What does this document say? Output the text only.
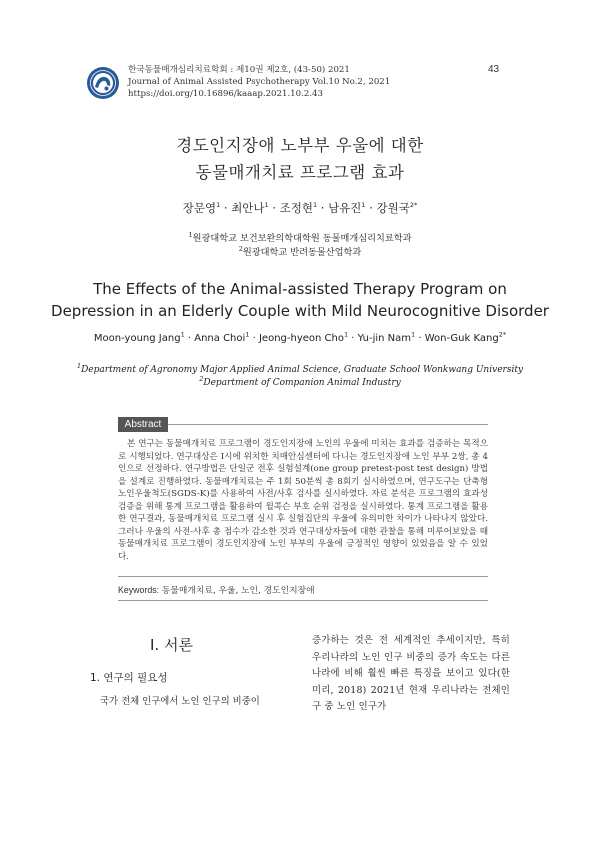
한국동물매개심리치료학회 : 제10권 제2호, (43-50) 2021
Journal of Animal Assisted Psychotherapy Vol.10 No.2, 2021
https://doi.org/10.16896/kaaap.2021.10.2.43
43
경도인지장애 노부부 우울에 대한
동물매개치료 프로그램 효과
장문영$^1$ · 최안나$^1$ · 조정현$^1$ · 남유진$^1$ · 강원국$^{2*}$
$^1$원광대학교 보건보완의학대학원 동물매개심리치료학과
$^2$원광대학교 반려동물산업학과
The Effects of the Animal-assisted Therapy Program on
Depression in an Elderly Couple with Mild Neurocognitive Disorder
Moon-young Jang$^1$ · Anna Choi$^1$ · Jeong-hyeon Cho$^1$ · Yu-jin Nam$^1$ · Won-Guk Kang$^{2*}$
$^1$Department of Agronomy Major Applied Animal Science, Graduate School Wonkwang University
$^2$Department of Companion Animal Industry
Abstract

본 연구는 동물매개치료 프로그램이 경도인지장애 노인의 우울에 미치는 효과를 검증하는 목적으로 시행되었다. 연구대상은 I시에 위치한 치매안심센터에 다니는 경도인지장애 노인 부부 2쌍, 총 4인으로 선정하다. 연구방법은 단일군 전후 실험설계(one group pretest-post test design) 방법을 설계로 진행하였다. 동물매개치료는 주 1회 50분씩 총 8회기 실시하였으며, 연구도구는 단축형 노인우울척도(SGDS-K)를 사용하여 사전/사후 검사를 실시하였다. 자료 분석은 프로그램의 효과성 검증을 위해 통계 프로그램을 활용하여 윌콕슨 부호 순위 검정을 실시하였다. 통계 프로그램을 활용한 연구결과, 동물매개치료 프로그램 실시 후 실험집단의 우울에 유의미한 차이가 나타나지 않았다. 그러나 우울의 사전-사후 총 점수가 감소한 것과 연구대상자들에 대한 관찰을 통해 미루어보았을 때 동물매개치료 프로그램이 경도인지장애 노인 부부의 우울에 긍정적인 영향이 있었음을 알 수 있었다.

Keywords: 동물매개치료, 우울, 노인, 경도인지장애
Ⅰ. 서론
1. 연구의 필요성
국가 전체 인구에서 노인 인구의 비중이
증가하는 것은 전 세계적인 추세이지만, 특히 우리나라의 노인 인구 비중의 증가 속도는 다른 나라에 비해 훨씬 빠른 특징을 보이고 있다(한미리, 2018) 2021년 현재 우리나라는 전체인구 중 노인 인구가
